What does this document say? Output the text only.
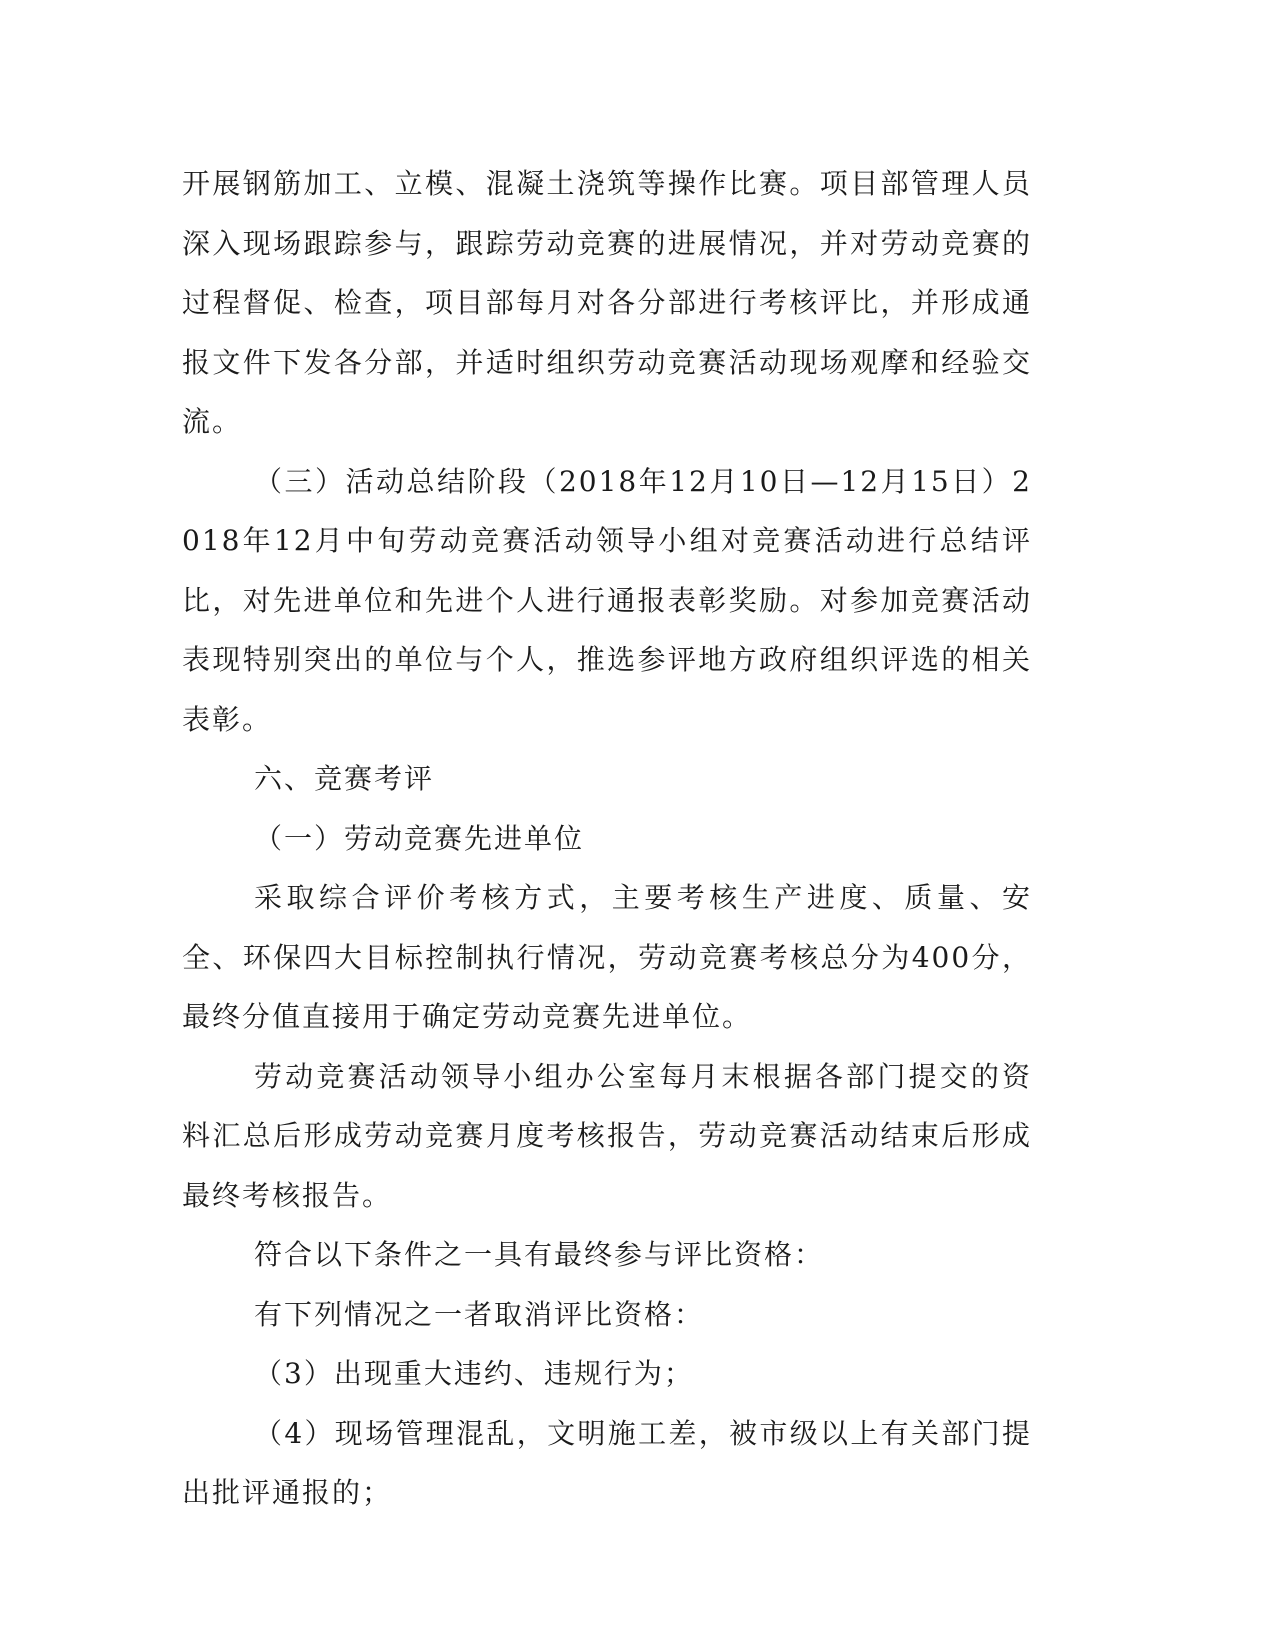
开展钢筋加工、立模、混凝土浇筑等操作比赛。项目部管理人员深入现场跟踪参与，跟踪劳动竞赛的进展情况，并对劳动竞赛的过程督促、检查，项目部每月对各分部进行考核评比，并形成通报文件下发各分部，并适时组织劳动竞赛活动现场观摩和经验交流。

（三）活动总结阶段（2018年12月10日—12月15日）2018年12月中旬劳动竞赛活动领导小组对竞赛活动进行总结评比，对先进单位和先进个人进行通报表彰奖励。对参加竞赛活动表现特别突出的单位与个人，推选参评地方政府组织评选的相关表彰。

六、竞赛考评

（一）劳动竞赛先进单位

采取综合评价考核方式，主要考核生产进度、质量、安全、环保四大目标控制执行情况，劳动竞赛考核总分为400分，最终分值直接用于确定劳动竞赛先进单位。

劳动竞赛活动领导小组办公室每月末根据各部门提交的资料汇总后形成劳动竞赛月度考核报告，劳动竞赛活动结束后形成最终考核报告。

符合以下条件之一具有最终参与评比资格：

有下列情况之一者取消评比资格：

（3）出现重大违约、违规行为；

（4）现场管理混乱，文明施工差，被市级以上有关部门提出批评通报的；
